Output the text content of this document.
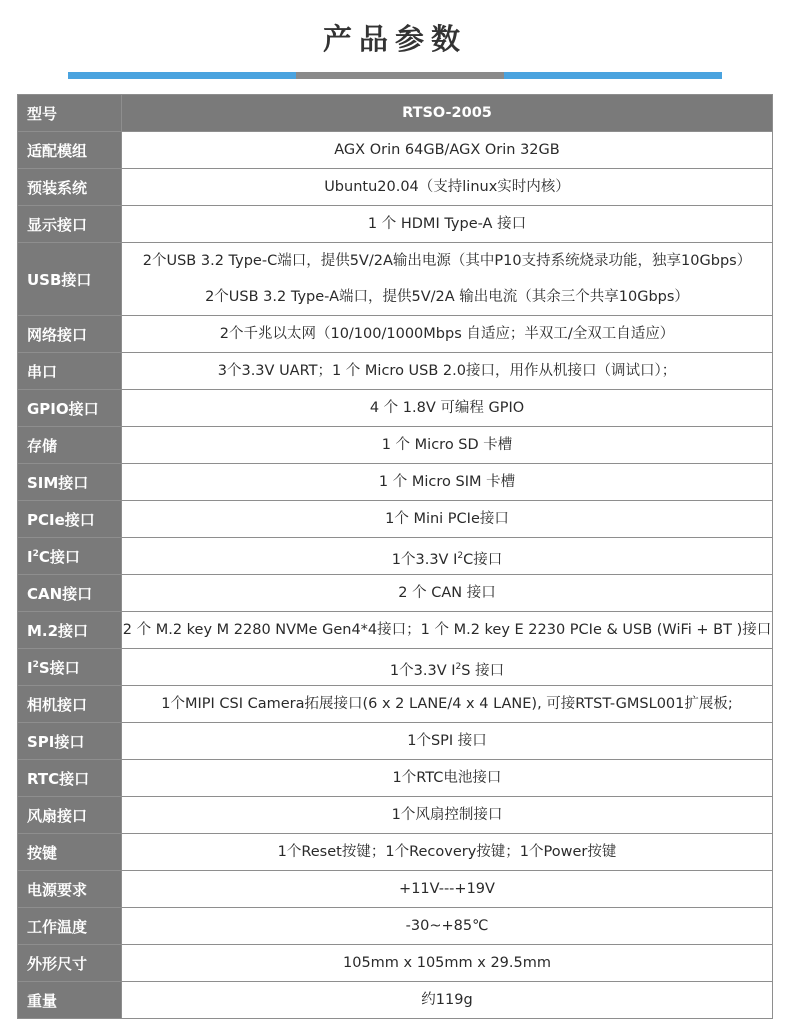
产品参数
型号	RTSO-2005

适配模组	AGX Orin 64GB/AGX Orin 32GB

预装系统	Ubuntu20.04（支持linux实时内核）

显示接口	1 个 HDMI Type-A 接口

USB接口	2个USB 3.2 Type-C端口，提供5V/2A输出电源（其中P10支持系统烧录功能，独享10Gbps）
2个USB 3.2 Type-A端口，提供5V/2A 输出电流（其余三个共享10Gbps）

网络接口	2个千兆以太网（10/100/1000Mbps 自适应；半双工/全双工自适应）

串口	3个3.3V UART；1 个 Micro USB 2.0接口，用作从机接口（调试口）；

GPIO接口	4 个 1.8V 可编程 GPIO

存储	1 个 Micro SD 卡槽

SIM接口	1 个 Micro SIM 卡槽

PCIe接口	1个 Mini PCIe接口

$I^2C$接口	1个3.3V $I^2C$接口

CAN接口	2 个 CAN 接口

M.2接口	2 个 M.2 key M 2280 NVMe Gen4*4接口；1 个 M.2 key E 2230 PCIe & USB (WiFi + BT )接口

$I^2S$接口	1个3.3V $I^2S$ 接口

相机接口	1个MIPI CSI Camera拓展接口(6 x 2 LANE/4 x 4 LANE), 可接RTST-GMSL001扩展板;

SPI接口	1个SPI 接口

RTC接口	1个RTC电池接口

风扇接口	1个风扇控制接口

按键	1个Reset按键；1个Recovery按键；1个Power按键

电源要求	+11V---+19V

工作温度	-30~+85℃

外形尺寸	105mm x 105mm x 29.5mm

重量	约119g
